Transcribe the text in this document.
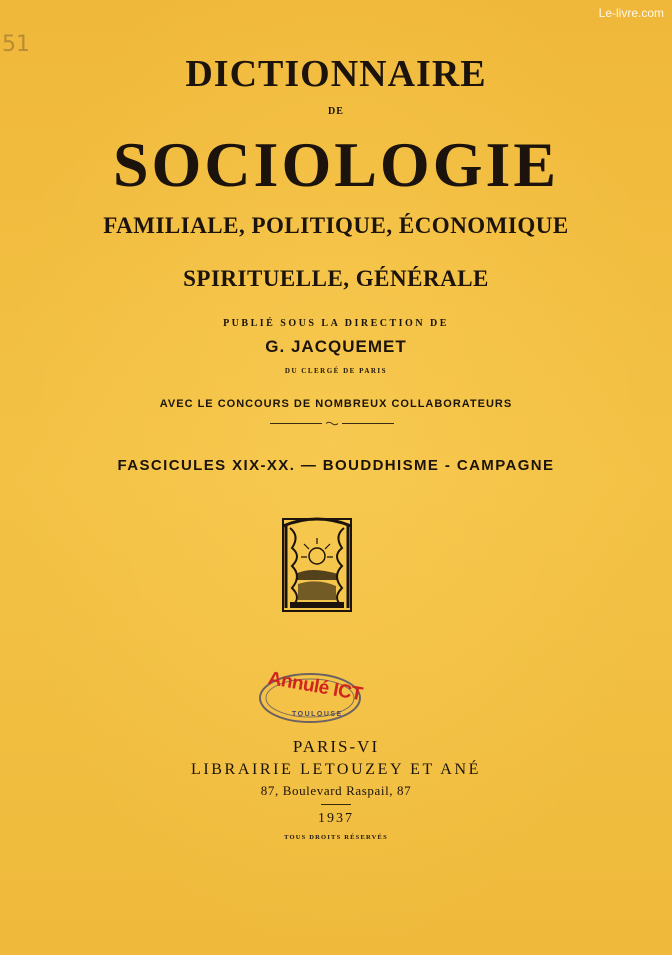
Le-livre.com
51
DICTIONNAIRE
DE
SOCIOLOGIE
FAMILIALE, POLITIQUE, ÉCONOMIQUE
SPIRITUELLE, GÉNÉRALE
PUBLIÉ SOUS LA DIRECTION DE
G. JACQUEMET
DU CLERGÉ DE PARIS
AVEC LE CONCOURS DE NOMBREUX COLLABORATEURS
FASCICULES XIX-XX. — BOUDDHISME - CAMPAGNE
Annulé ICT
TOULOUSE
PARIS-VI
LIBRAIRIE LETOUZEY ET ANÉ
87, Boulevard Raspail, 87
1937
TOUS DROITS RÉSERVÉS
